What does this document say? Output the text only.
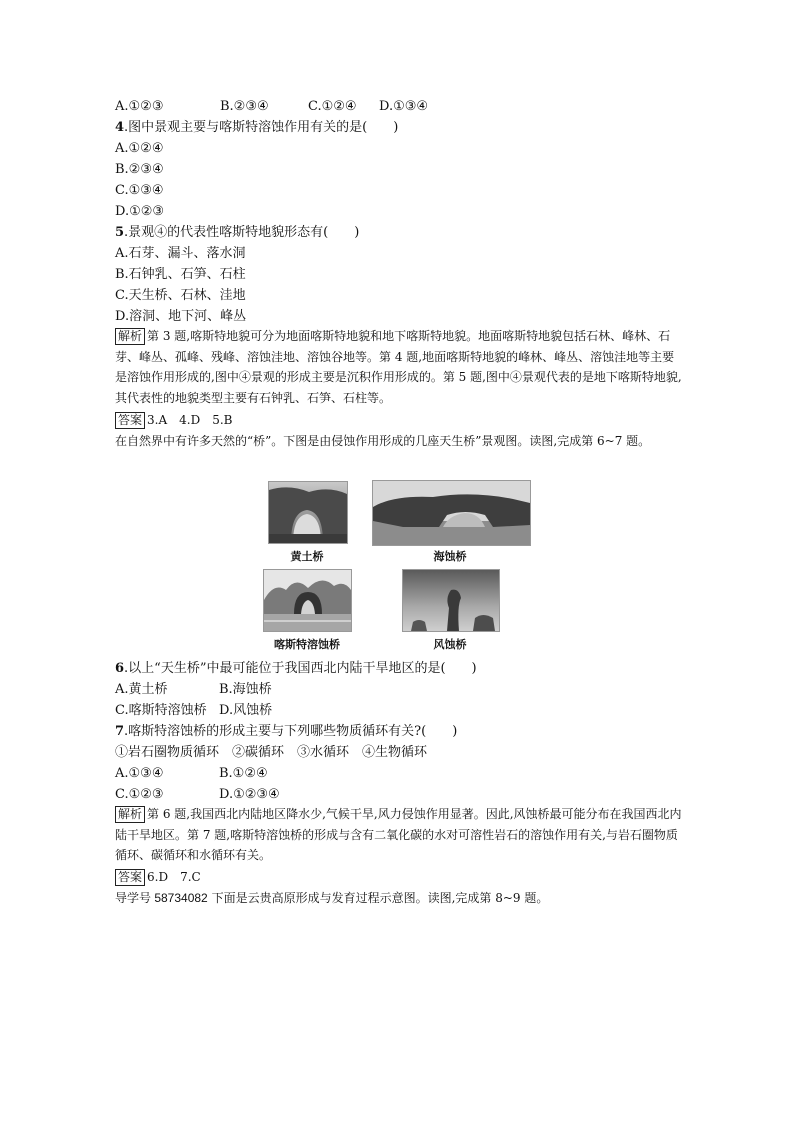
A.①②③	B.②③④	C.①②④ D.①③④
4.图中景观主要与喀斯特溶蚀作用有关的是(　　)
A.①②④
B.②③④
C.①③④
D.①②③
5.景观④的代表性喀斯特地貌形态有(　　)
A.石芽、漏斗、落水洞
B.石钟乳、石笋、石柱
C.天生桥、石林、洼地
D.溶洞、地下河、峰丛
解析 第 3 题,喀斯特地貌可分为地面喀斯特地貌和地下喀斯特地貌。地面喀斯特地貌包括石林、峰林、石芽、峰丛、孤峰、残峰、溶蚀洼地、溶蚀谷地等。第 4 题,地面喀斯特地貌的峰林、峰丛、溶蚀洼地等主要是溶蚀作用形成的,图中④景观的形成主要是沉积作用形成的。第 5 题,图中④景观代表的是地下喀斯特地貌,其代表性的地貌类型主要有石钟乳、石笋、石柱等。
答案 3.A　4.D　5.B
在自然界中有许多天然的“桥”。下图是由侵蚀作用形成的几座天生桥”景观图。读图,完成第 6~7 题。
黄土桥	海蚀桥
喀斯特溶蚀桥	风蚀桥
6.以上“天生桥”中最可能位于我国西北内陆干旱地区的是(　　)
A.黄土桥	B.海蚀桥
C.喀斯特溶蚀桥 D.风蚀桥
7.喀斯特溶蚀桥的形成主要与下列哪些物质循环有关?(　　)
①岩石圈物质循环　②碳循环　③水循环　④生物循环
A.①③④	B.①②④
C.①②③	D.①②③④
解析 第 6 题,我国西北内陆地区降水少,气候干旱,风力侵蚀作用显著。因此,风蚀桥最可能分布在我国西北内陆干旱地区。第 7 题,喀斯特溶蚀桥的形成与含有二氧化碳的水对可溶性岩石的溶蚀作用有关,与岩石圈物质循环、碳循环和水循环有关。
答案 6.D　7.C
导学号 58734082 下面是云贵高原形成与发育过程示意图。读图,完成第 8~9 题。
